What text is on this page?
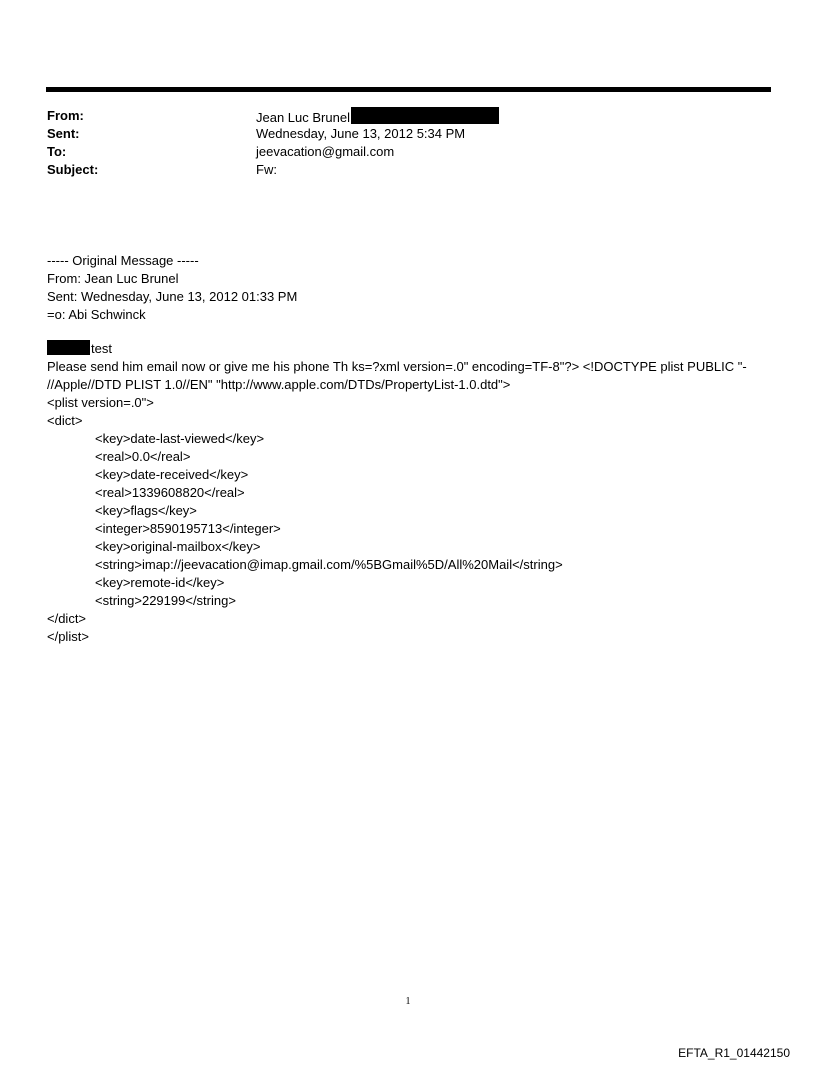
From:	Jean Luc Brunel
Sent:	Wednesday, June 13, 2012 5:34 PM
To:	jeevacation@gmail.com
Subject:	Fw:
----- Original Message -----
From: Jean Luc Brunel
Sent: Wednesday, June 13, 2012 01:33 PM
=o: Abi Schwinck
test
Please send him email now or give me his phone Th ks=?xml version=.0" encoding=TF-8"?> <!DOCTYPE plist PUBLIC "-
//Apple//DTD PLIST 1.0//EN" "http://www.apple.com/DTDs/PropertyList-1.0.dtd">
<plist version=.0">
<dict>
<key>date-last-viewed</key>
<real>0.0</real>
<key>date-received</key>
<real>1339608820</real>
<key>flags</key>
<integer>8590195713</integer>
<key>original-mailbox</key>
<string>imap://jeevacation@imap.gmail.com/%5BGmail%5D/All%20Mail</string>
<key>remote-id</key>
<string>229199</string>
</dict>
</plist>
1
EFTA_R1_01442150
